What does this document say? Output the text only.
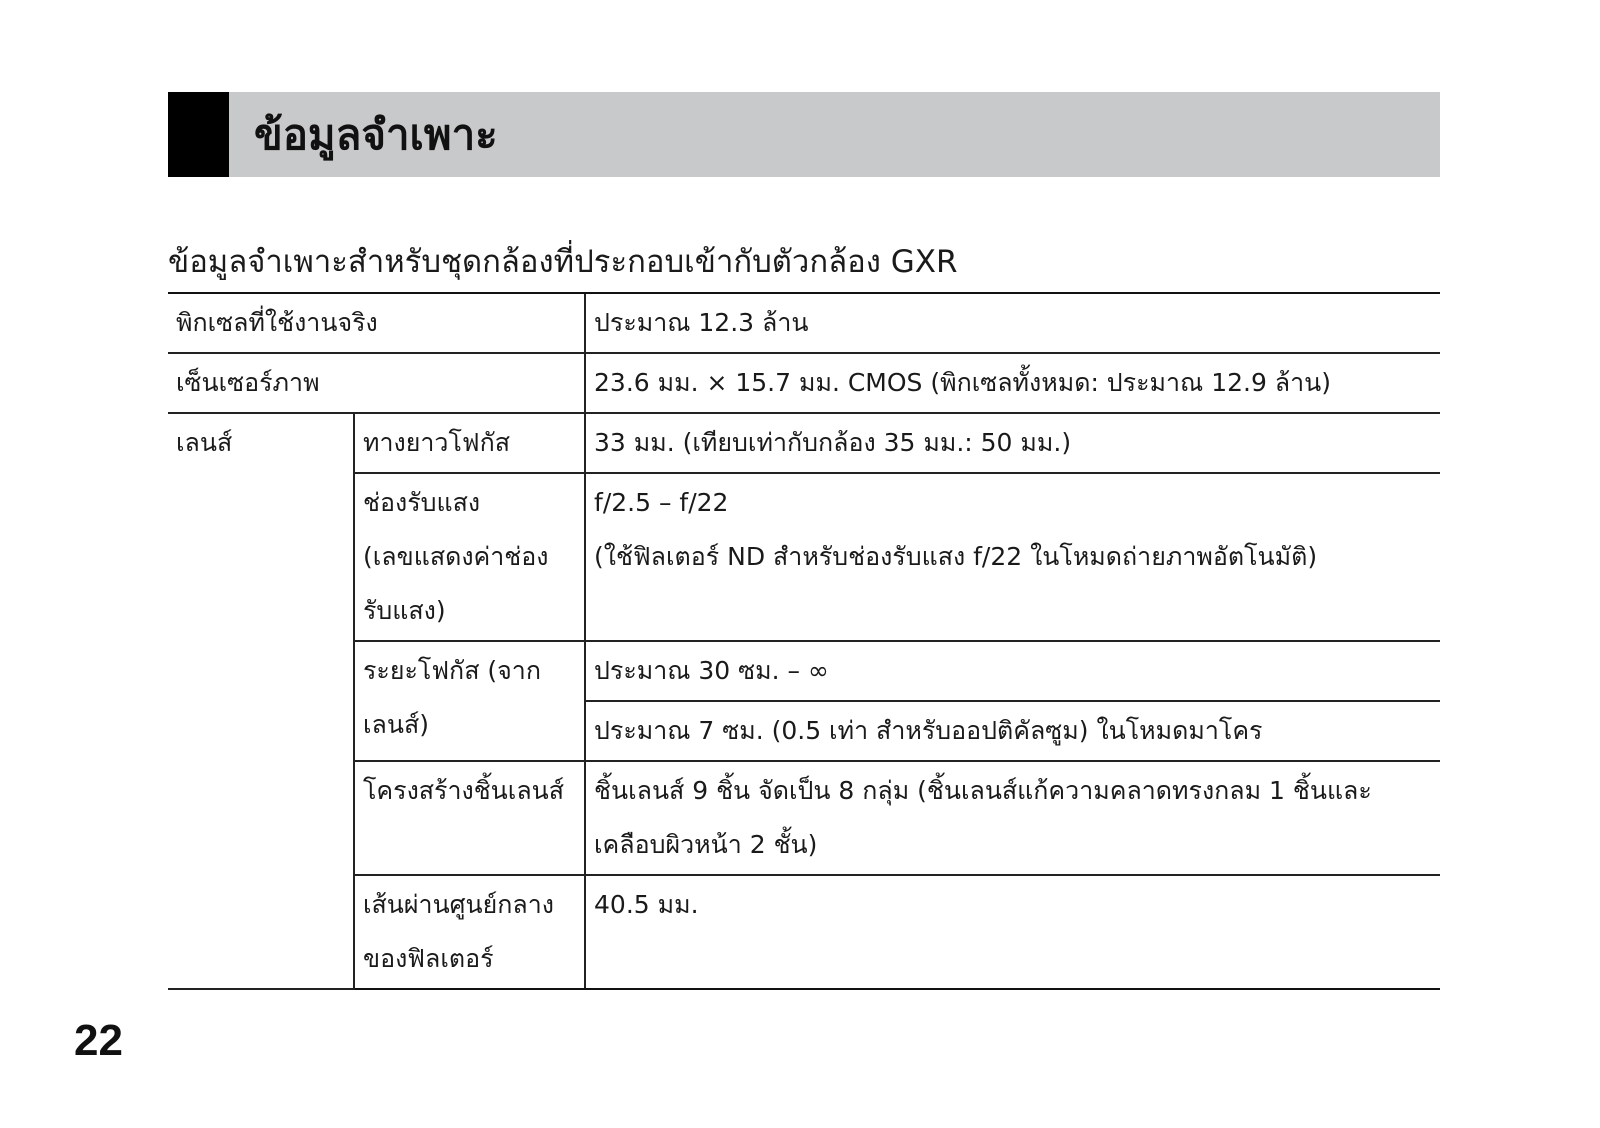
ข้อมูลจำเพาะ
ข้อมูลจำเพาะสำหรับชุดกล้องที่ประกอบเข้ากับตัวกล้อง GXR
พิกเซลที่ใช้งานจริง		ประมาณ 12.3 ล้าน
เซ็นเซอร์ภาพ		23.6 มม. × 15.7 มม. CMOS (พิกเซลทั้งหมด: ประมาณ 12.9 ล้าน)
เลนส์	ทางยาวโฟกัส	33 มม. (เทียบเท่ากับกล้อง 35 มม.: 50 มม.)

	ช่องรับแสง
(เลขแสดงค่าช่อง
รับแสง)	f/2.5 – f/22
(ใช้ฟิลเตอร์ ND สำหรับช่องรับแสง f/22 ในโหมดถ่ายภาพอัตโนมัติ)

	ระยะโฟกัส (จาก
เลนส์)	ประมาณ 30 ซม. – ∞
		ประมาณ 7 ซม. (0.5 เท่า สำหรับออปติคัลซูม) ในโหมดมาโคร
	โครงสร้างชิ้นเลนส์	ชิ้นเลนส์ 9 ชิ้น จัดเป็น 8 กลุ่ม (ชิ้นเลนส์แก้ความคลาดทรงกลม 1 ชิ้นและ
เคลือบผิวหน้า 2 ชั้น)

	เส้นผ่านศูนย์กลาง
ของฟิลเตอร์	40.5 มม.
22
